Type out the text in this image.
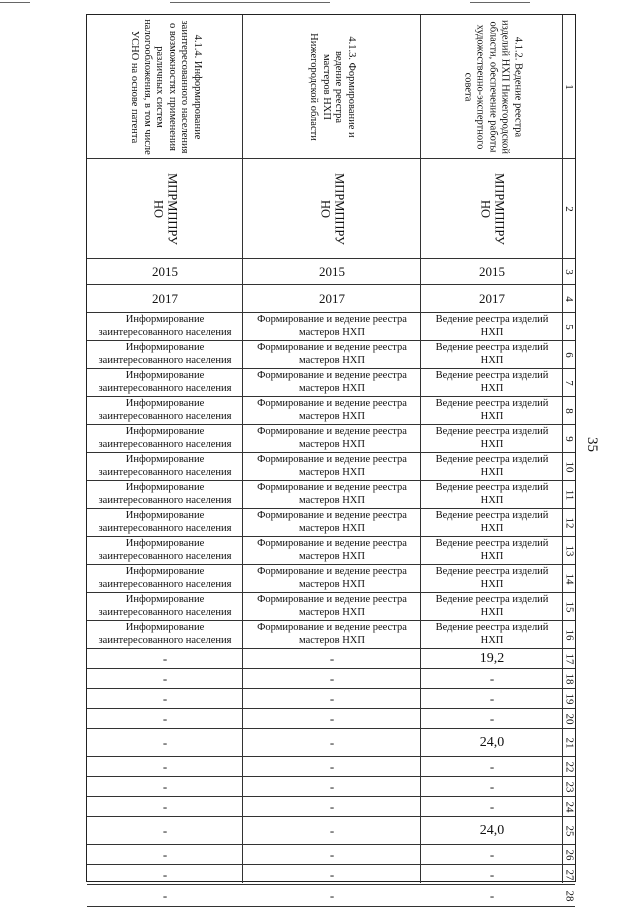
35
4.1.4. Информирование заинтересованного населения о возможностях применения различных систем налогообложения, в том числе УСНО на основе патента	4.1.3. Формирование и ведение реестра мастеров НХП Нижегородской области	4.1.2. Ведение реестра изделий НХП Нижегородской области, обеспечение работы художественно-экспертного совета	1
МПРМППРУ НО	МПРМППРУ НО	МПРМППРУ НО	2
2015	2015	2015	3
2017	2017	2017	4
Информирование заинтересованного населения
Формирование и ведение реестра мастеров НХП
Ведение реестра изделий НХП
5
Информирование заинтересованного населения
Формирование и ведение реестра мастеров НХП
Ведение реестра изделий НХП
6
Информирование заинтересованного населения
Формирование и ведение реестра мастеров НХП
Ведение реестра изделий НХП
7
Информирование заинтересованного населения
Формирование и ведение реестра мастеров НХП
Ведение реестра изделий НХП
8
Информирование заинтересованного населения
Формирование и ведение реестра мастеров НХП
Ведение реестра изделий НХП
9
Информирование заинтересованного населения
Формирование и ведение реестра мастеров НХП
Ведение реестра изделий НХП
10
Информирование заинтересованного населения
Формирование и ведение реестра мастеров НХП
Ведение реестра изделий НХП
11
Информирование заинтересованного населения
Формирование и ведение реестра мастеров НХП
Ведение реестра изделий НХП
12
Информирование заинтересованного населения
Формирование и ведение реестра мастеров НХП
Ведение реестра изделий НХП
13
Информирование заинтересованного населения
Формирование и ведение реестра мастеров НХП
Ведение реестра изделий НХП
14
Информирование заинтересованного населения
Формирование и ведение реестра мастеров НХП
Ведение реестра изделий НХП
15
Информирование заинтересованного населения
Формирование и ведение реестра мастеров НХП
Ведение реестра изделий НХП
16
-	-	19,2	17
-	-	-	18
-	-	-	19
-	-	-	20
-	-	24,0	21
-	-	-	22
-	-	-	23
-	-	-	24
-	-	24,0	25
-	-	-	26
-	-	-	27
-	-	-	28
